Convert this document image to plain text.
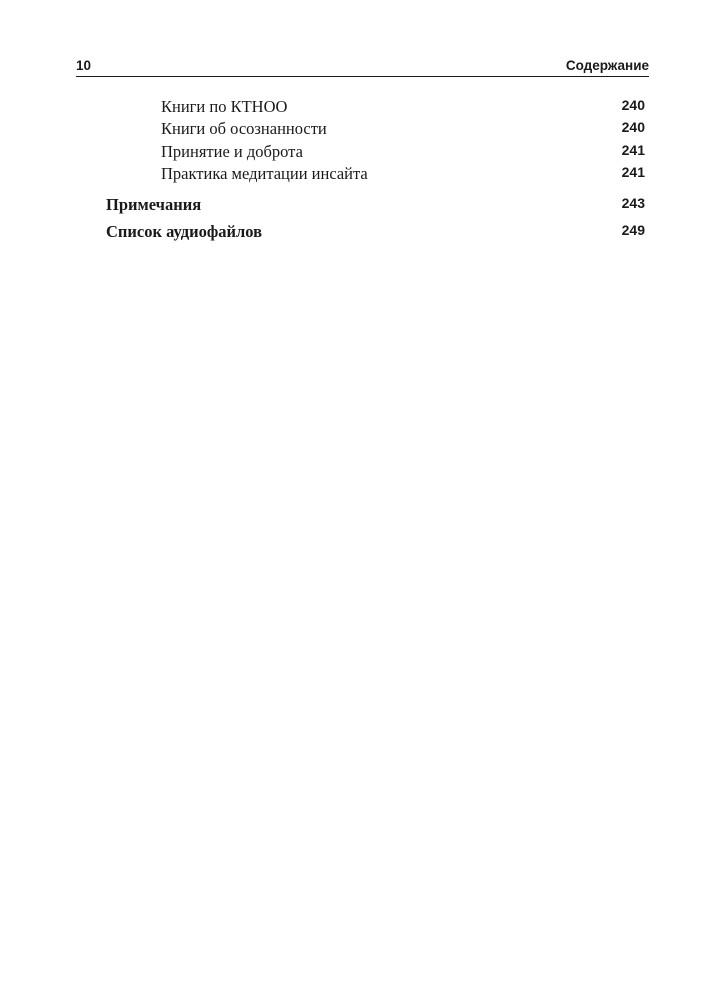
10	Содержание
Книги по КТНОО	240
Книги об осознанности	240
Принятие и доброта	241
Практика медитации инсайта	241
Примечания	243
Список аудиофайлов	249
